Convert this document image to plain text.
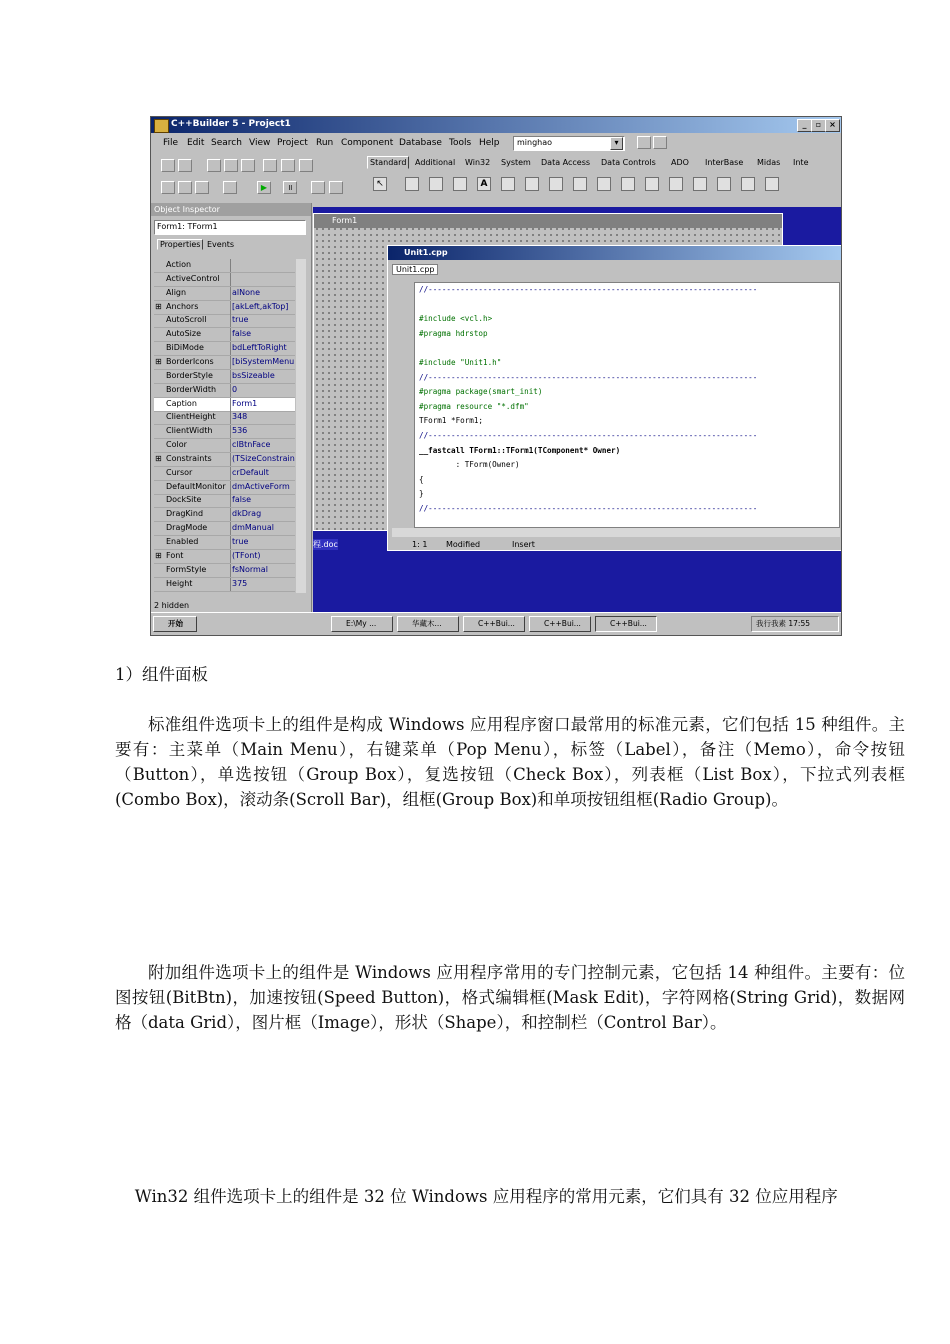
C++Builder 5 - Project1	_	▫ ×
File Edit Search View Project Run Component Database Tools Help minghao	▾
▶	॥
Standard	Additional Win32 System Data Access Data Controls ADO InterBase Midas Inte
↖	A
Object Inspector
Form1: TForm1
Properties Events
Action
ActiveControl
Align	alNone
⊞ Anchors	[akLeft,akTop]
AutoScroll	true
AutoSize	false
BiDiMode	bdLeftToRight
⊞ BorderIcons [biSystemMenu
BorderStyle bsSizeable
BorderWidth 0
Caption	Form1
ClientHeight 348
ClientWidth 536
Color	clBtnFace
⊞ Constraints	(TSizeConstrain
Cursor	crDefault
DefaultMonitor dmActiveForm
DockSite	false
DragKind	dkDrag
DragMode	dmManual
Enabled	true
⊞ Font	(TFont)
FormStyle	fsNormal
Height	375
2 hidden
Form1
程.doc
Unit1.cpp
Unit1.cpp
//------------------------------------------------------------------------
#include <vcl.h>
#pragma hdrstop
#include "Unit1.h"
//------------------------------------------------------------------------
#pragma package(smart_init)
#pragma resource "*.dfm"
TForm1 *Form1;
//------------------------------------------------------------------------
__fastcall TForm1::TForm1(TComponent* Owner)
: TForm(Owner)
{
}
//------------------------------------------------------------------------
1: 1 Modified	Insert
开始	E:\My ...	华藏木...	C++Bui...	C++Bui...	C++Bui...	我行我素 17:55
1）组件面板
标准组件选项卡上的组件是构成 Windows 应用程序窗口最常用的标准元素，它们包括 15 种组件。主要有：主菜单（Main Menu），右键菜单（Pop Menu），标签（Label），备注（Memo），命令按钮（Button），单选按钮（Group Box），复选按钮（Check Box），列表框（List Box），下拉式列表框(Combo Box)，滚动条(Scroll Bar)，组框(Group Box)和单项按钮组框(Radio Group)。
附加组件选项卡上的组件是 Windows 应用程序常用的专门控制元素，它包括 14 种组件。主要有：位图按钮(BitBtn)，加速按钮(Speed Button)，格式编辑框(Mask Edit)，字符网格(String Grid)，数据网格（data Grid），图片框（Image），形状（Shape），和控制栏（Control Bar）。
Win32 组件选项卡上的组件是 32 位 Windows 应用程序的常用元素，它们具有 32 位应用程序
